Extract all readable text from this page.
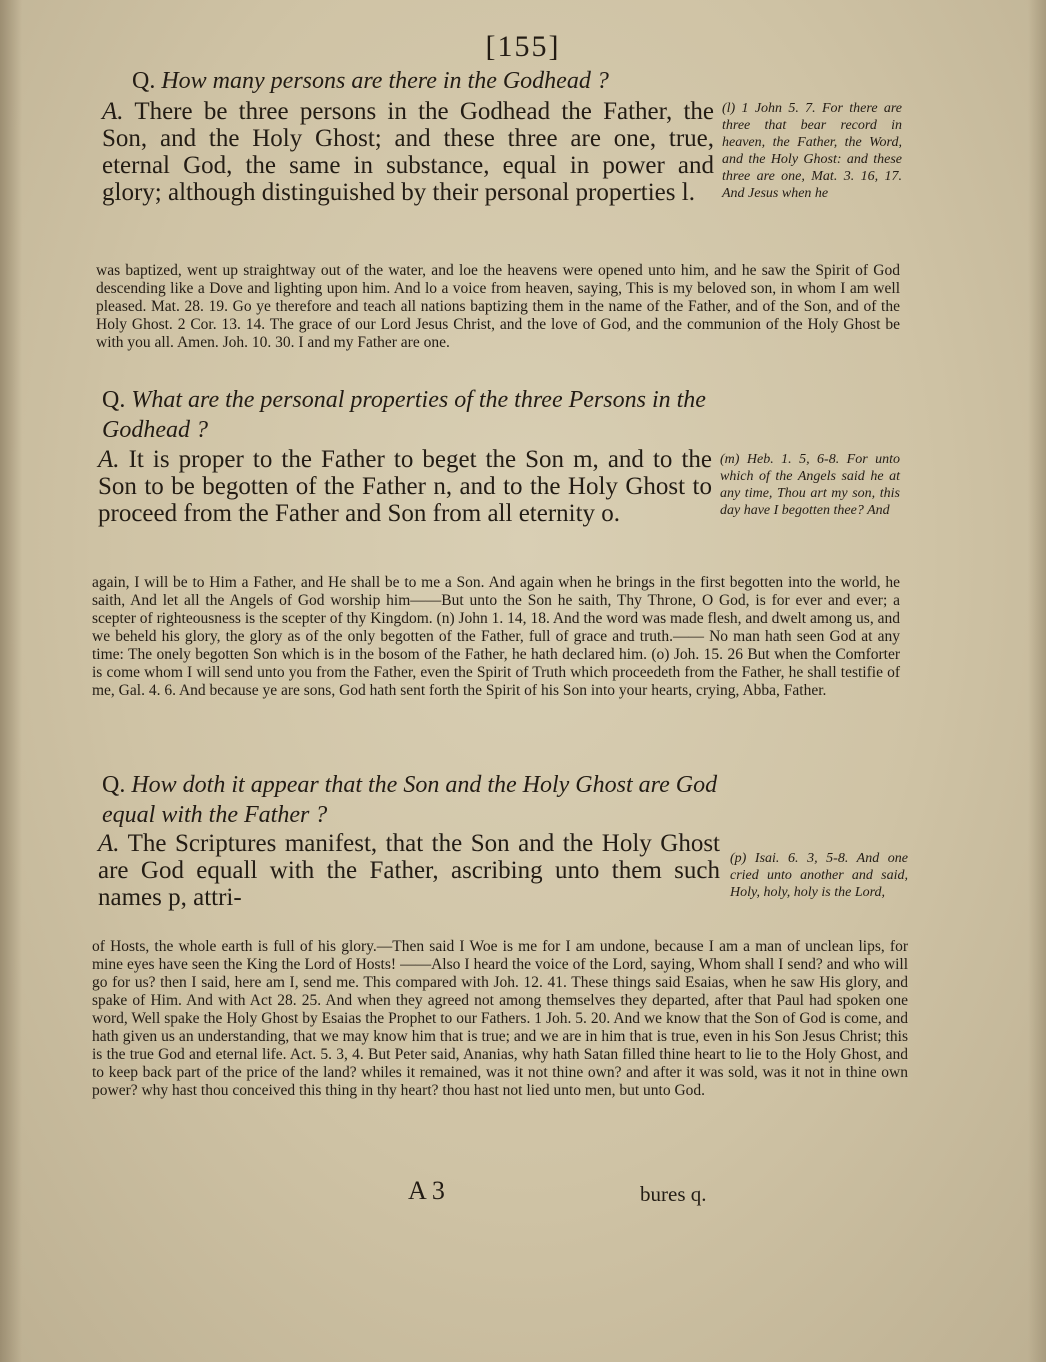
[155]

Q. How many persons are there in the Godhead ?

A. There be three persons in the Godhead the Father, the Son, and the Holy Ghost; and these three are one, true, eternal God, the same in substance, equal in power and glory; although distinguished by their personal properties l.

(l) 1 John 5. 7. For there are three that bear record in heaven, the Father, the Word, and the Holy Ghost: and these three are one, Mat. 3. 16, 17. And Jesus when he

was baptized, went up straightway out of the water, and loe the heavens were opened unto him, and he saw the Spirit of God descending like a Dove and lighting upon him. And lo a voice from heaven, saying, This is my beloved son, in whom I am well pleased. Mat. 28. 19. Go ye therefore and teach all nations baptizing them in the name of the Father, and of the Son, and of the Holy Ghost. 2 Cor. 13. 14. The grace of our Lord Jesus Christ, and the love of God, and the communion of the Holy Ghost be with you all. Amen. Joh. 10. 30. I and my Father are one.

Q. What are the personal properties of the three Persons in the Godhead ?

A. It is proper to the Father to beget the Son m, and to the Son to be begotten of the Father n, and to the Holy Ghost to proceed from the Father and Son from all eternity o.

(m) Heb. 1. 5, 6-8. For unto which of the Angels said he at any time, Thou art my son, this day have I begotten thee? And

again, I will be to Him a Father, and He shall be to me a Son. And again when he brings in the first begotten into the world, he saith, And let all the Angels of God worship him——But unto the Son he saith, Thy Throne, O God, is for ever and ever; a scepter of righteousness is the scepter of thy Kingdom. (n) John 1. 14, 18. And the word was made flesh, and dwelt among us, and we beheld his glory, the glory as of the only begotten of the Father, full of grace and truth.—— No man hath seen God at any time: The onely begotten Son which is in the bosom of the Father, he hath declared him. (o) Joh. 15. 26 But when the Comforter is come whom I will send unto you from the Father, even the Spirit of Truth which proceedeth from the Father, he shall testifie of me, Gal. 4. 6. And because ye are sons, God hath sent forth the Spirit of his Son into your hearts, crying, Abba, Father.

Q. How doth it appear that the Son and the Holy Ghost are God equal with the Father ?

A. The Scriptures manifest, that the Son and the Holy Ghost are God equall with the Father, ascribing unto them such names p, attri-

(p) Isai. 6. 3, 5-8. And one cried unto another and said, Holy, holy, holy is the Lord,

of Hosts, the whole earth is full of his glory.—Then said I Woe is me for I am undone, because I am a man of unclean lips, for mine eyes have seen the King the Lord of Hosts! ——Also I heard the voice of the Lord, saying, Whom shall I send? and who will go for us? then I said, here am I, send me. This compared with Joh. 12. 41. These things said Esaias, when he saw His glory, and spake of Him. And with Act 28. 25. And when they agreed not among themselves they departed, after that Paul had spoken one word, Well spake the Holy Ghost by Esaias the Prophet to our Fathers. 1 Joh. 5. 20. And we know that the Son of God is come, and hath given us an understanding, that we may know him that is true; and we are in him that is true, even in his Son Jesus Christ; this is the true God and eternal life. Act. 5. 3, 4. But Peter said, Ananias, why hath Satan filled thine heart to lie to the Holy Ghost, and to keep back part of the price of the land? whiles it remained, was it not thine own? and after it was sold, was it not in thine own power? why hast thou conceived this thing in thy heart? thou hast not lied unto men, but unto God.

A 3	bures q.
